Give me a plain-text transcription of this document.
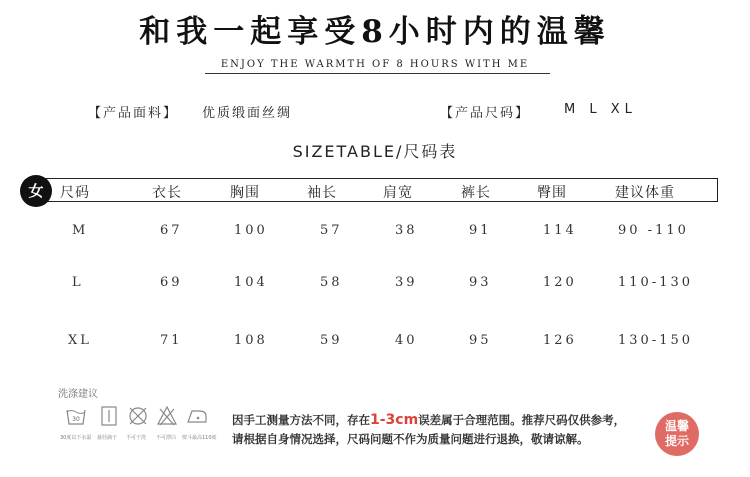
和我一起享受8小时内的温馨
ENJOY THE WARMTH OF 8 HOURS WITH ME
【产品面料】 优质缎面丝绸	【产品尺码】	M L XL
SIZETABLE/尺码表
女	尺码	衣长	胸围	袖长	肩宽	裤长	臀围	建议体重
M	67	100	57	38	91	114	90 -110
L	69	104	58	39	93	120	110-130
XL	71	108	59	40	95	126	130-150
洗涤建议
30
30度以下水温 悬挂滴干 不可干洗 不可漂白 熨斗最高110度
因手工测量方法不同，存在1-3cm误差属于合理范围。推荐尺码仅供参考，
请根据自身情况选择，尺码问题不作为质量问题进行退换，敬请谅解。
温馨
提示
